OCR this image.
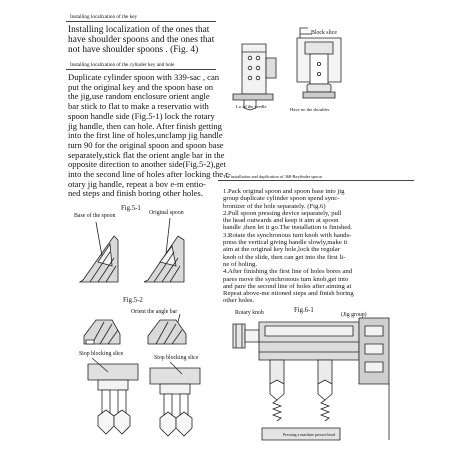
Installing localization of the key

Installing localization of the ones that
have shoulder spoons and the ones that
not have shoulder spoons . (Fig. 4)

Block slice
Lo ad the needle
Have no the shoulder
Installing localization of the cylinder key and hole

Duplicate cylinder spoon with 339-sac , can
put the original key and the spoon base on
the jig,use random enclosure orient angle
bar stick to flat to make a reservatio with
spoon handle side (Fig.5-1) lock the rotary
jig handle, then can hole. After finish getting
into the first line of holes,unclamp jig handle
turn 90 for the original spoon and spoon base
separately,stick flat the orient angle bar in the
opposite direction to another side(Fig.5-2),get
into the second line of holes after locking the r-
otary jig handle, repeat a bov e-m entio-
ned steps and finish boring other holes.

Fig.5-1
Base of the spoon	Original spoon
Fig.5-2
Orient the angle bar
Stop blocking slice
Stop blocking slice
The installation and duplication of 368-Reyfinder spoon

1.Pack original spoon and spoon base into jig
group duplicate cylinder spoon spend sync-
bronizer of the hole separately. (Fig.6)
2.Pull spoon pressing device separately, pull
the head outwards and keep it aim at spoon
handle ,then let it go.The installation is finished.
3.Rotate the synchronous turn knob with hands-
press the vertical giving handle slowly,make it
aim at the original key hole,lock the regular
knob of the slide, then can get into the first li-
ne of holing.
4.After finishing the first line of holes bores and
pares move the synchronous turn knob,get into
and pare the second line of holes after aiming at
Repeat above-me ntioned steps and finish boring
other holes.

Rotary knob	Fig.6-1
(Jig group)
Pressing a machine presses head
